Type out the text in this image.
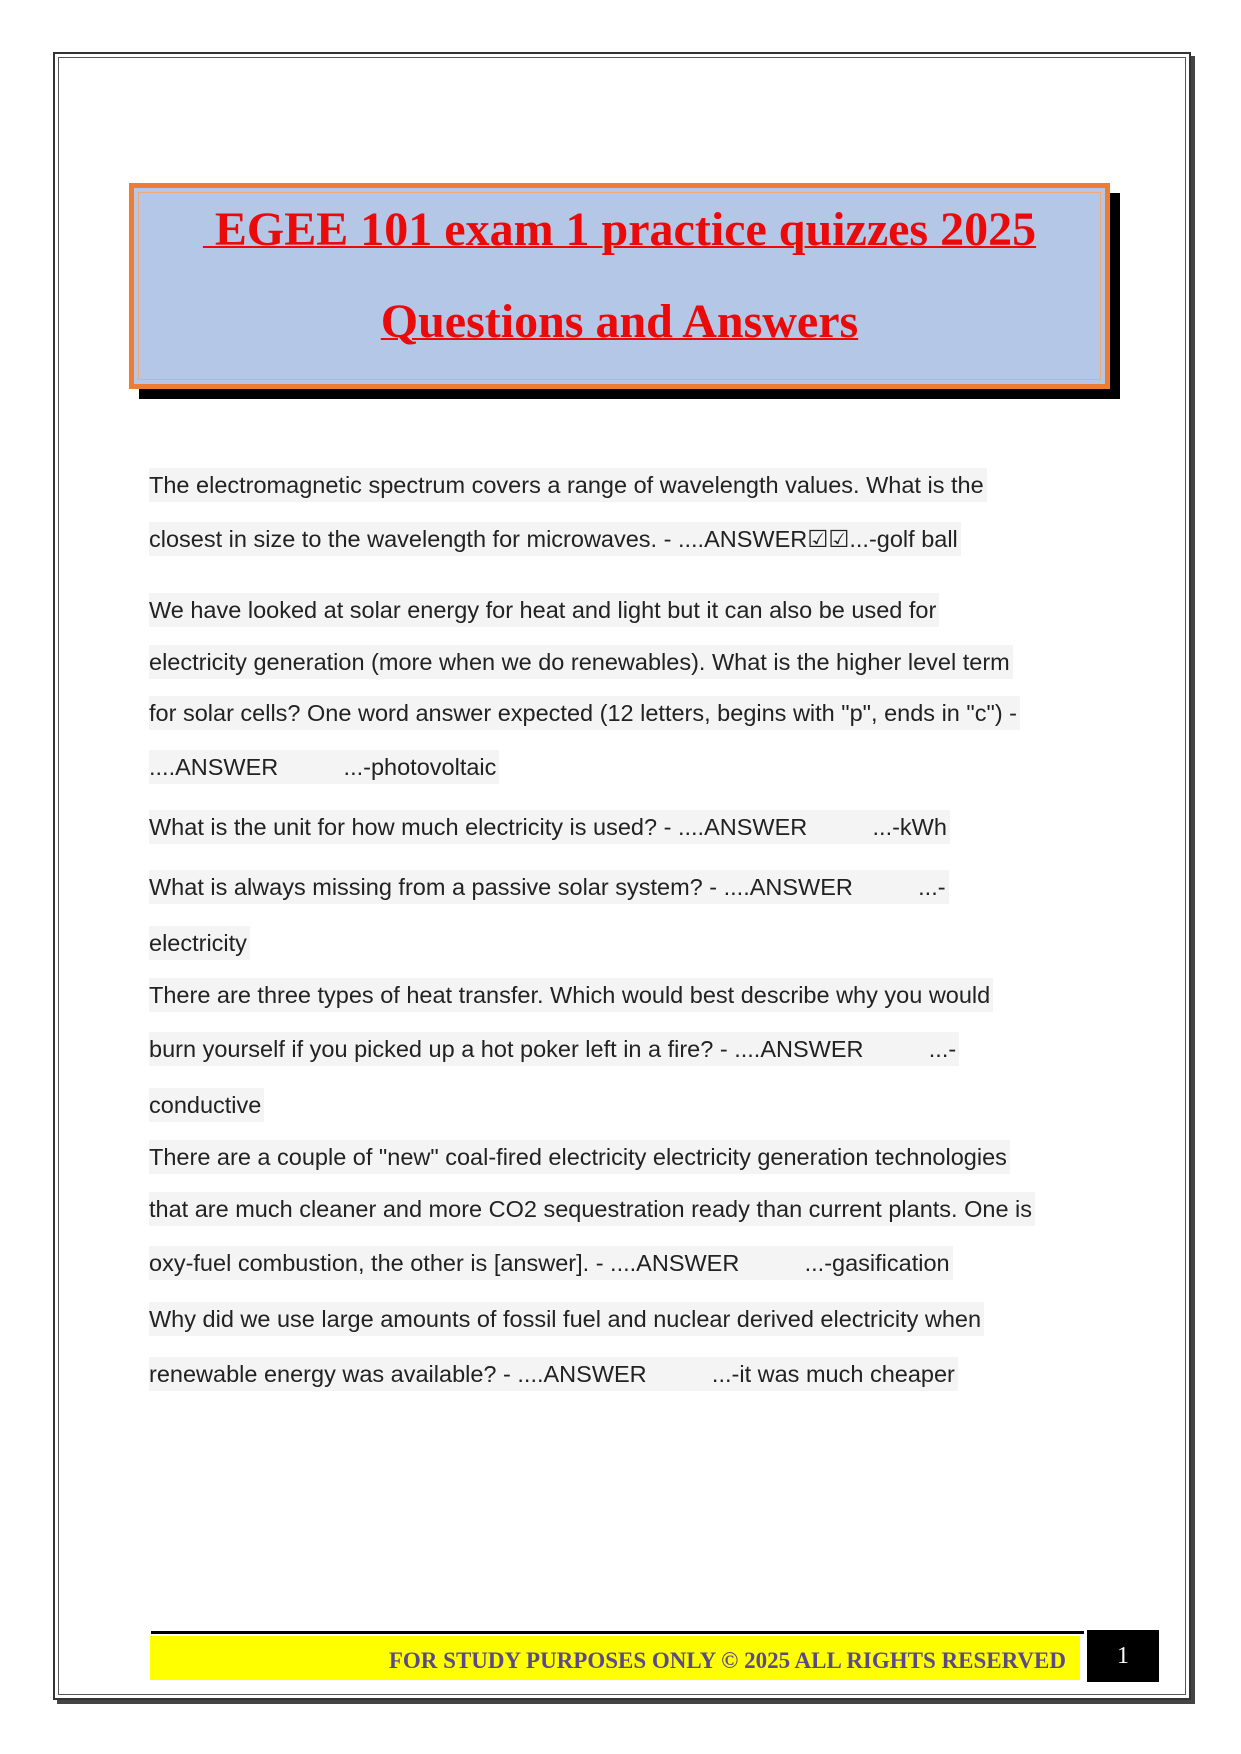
EGEE 101 exam 1 practice quizzes 2025
Questions and Answers
The electromagnetic spectrum covers a range of wavelength values. What is the
closest in size to the wavelength for microwaves. - ....ANSWER☑☑...-golf ball
We have looked at solar energy for heat and light but it can also be used for
electricity generation (more when we do renewables). What is the higher level term
for solar cells? One word answer expected (12 letters, begins with "p", ends in "c") -
....ANSWER          ...-photovoltaic
What is the unit for how much electricity is used? - ....ANSWER          ...-kWh
What is always missing from a passive solar system? - ....ANSWER          ...-
electricity
There are three types of heat transfer. Which would best describe why you would
burn yourself if you picked up a hot poker left in a fire? - ....ANSWER          ...-
conductive
There are a couple of "new" coal-fired electricity electricity generation technologies
that are much cleaner and more CO2 sequestration ready than current plants. One is
oxy-fuel combustion, the other is [answer]. - ....ANSWER          ...-gasification
Why did we use large amounts of fossil fuel and nuclear derived electricity when
renewable energy was available? - ....ANSWER          ...-it was much cheaper
FOR STUDY PURPOSES ONLY © 2025 ALL RIGHTS RESERVED	1
